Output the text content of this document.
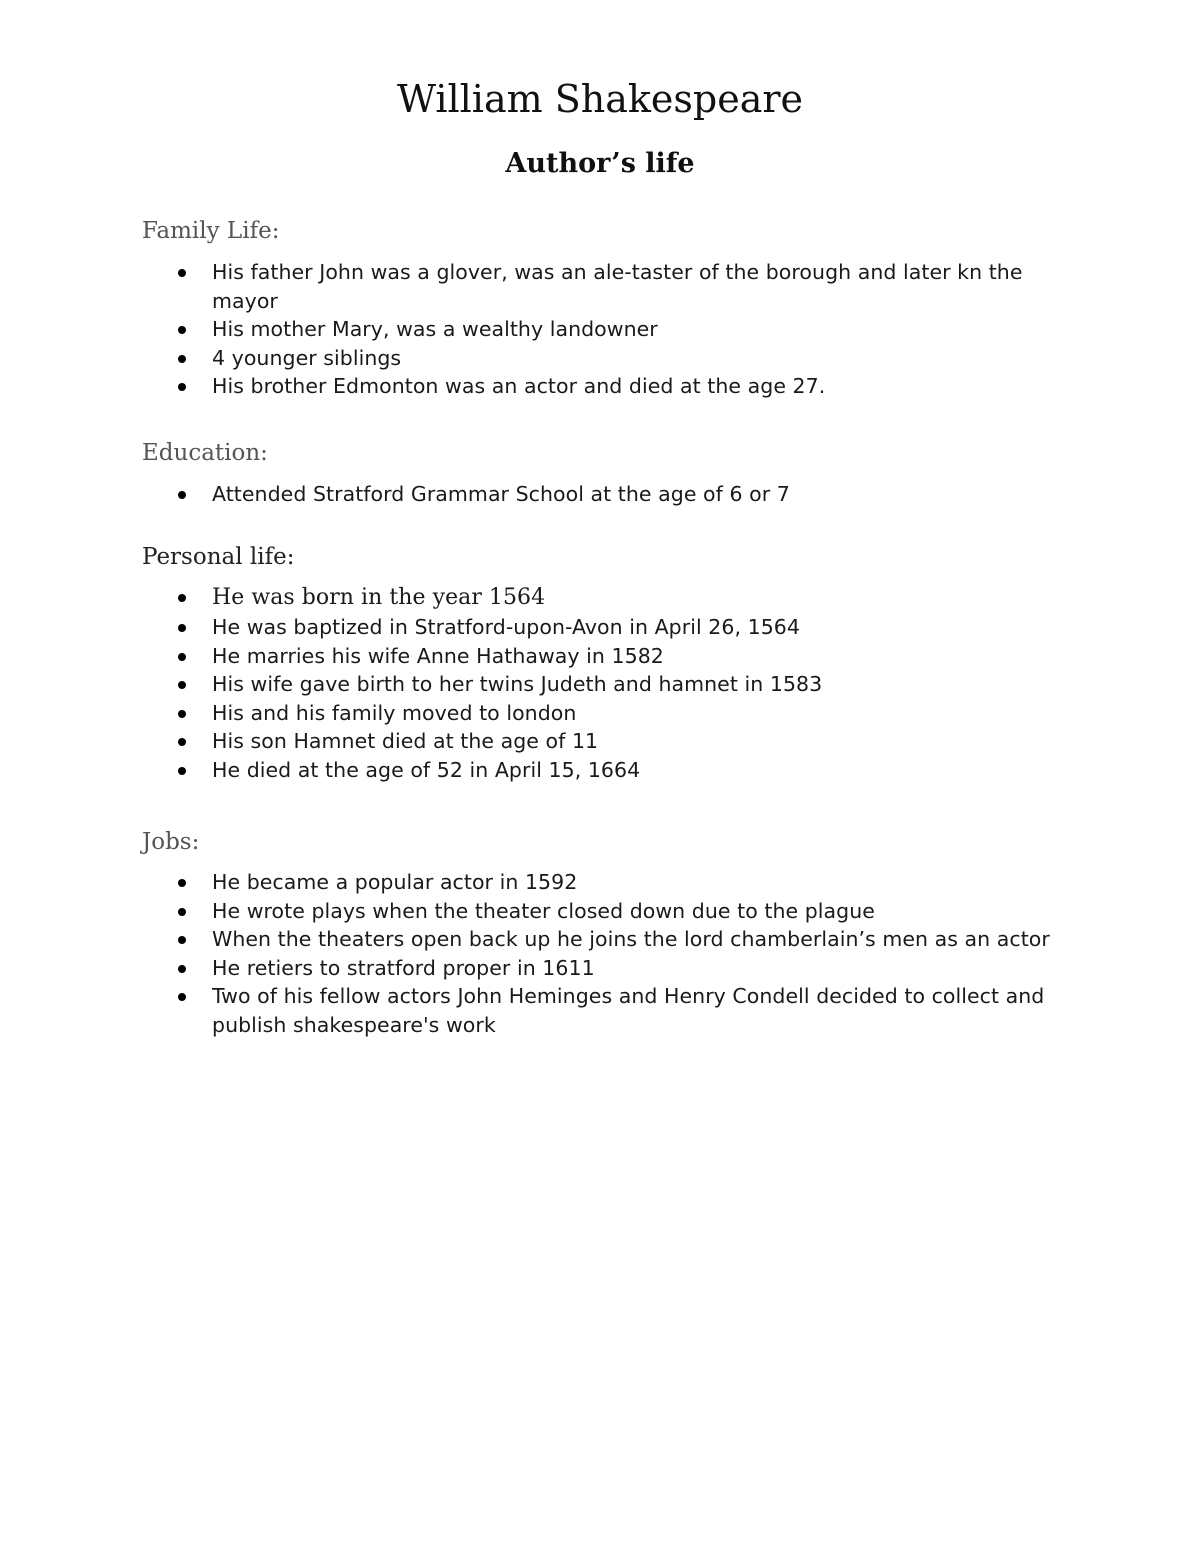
William Shakespeare
Author’s life
Family Life:
His father John was a glover, was an ale-taster of the borough and later kn the mayor
His mother Mary, was a wealthy landowner
4 younger siblings
His brother Edmonton was an actor and died at the age 27.
Education:
Attended Stratford Grammar School at the age of 6 or 7
Personal life:
He was born in the year 1564
He was baptized in Stratford-upon-Avon in April 26, 1564
He marries his wife Anne Hathaway in 1582
His wife gave birth to her twins Judeth and hamnet in 1583
His and his family moved to london
His son Hamnet died at the age of 11
He died at the age of 52 in April 15, 1664
Jobs:
He became a popular actor in 1592
He wrote plays when the theater closed down due to the plague
When the theaters open back up he joins the lord chamberlain’s men as an actor
He retiers to stratford proper in 1611
Two of his fellow actors John Heminges and Henry Condell decided to collect and publish shakespeare's work
